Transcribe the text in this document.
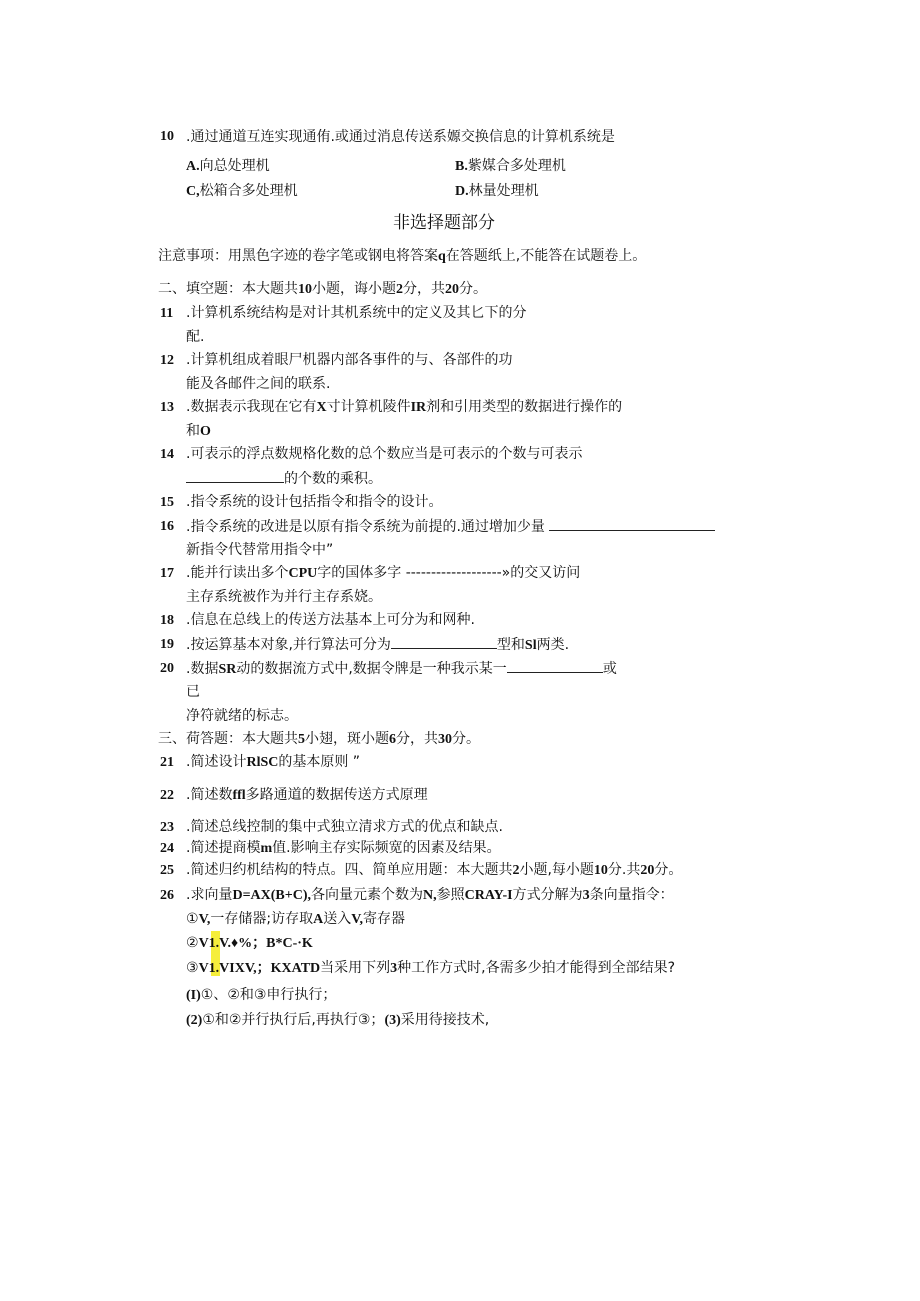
10 .通过通道互连实现通侑.或通过消息传送系嫄交换信息的计算机系统是
A.向总处理机	B.紫媒合多处理机
C,松箱合多处理机	D.林量处理机
非选择题部分
注意事项：用黑色字迹的卷字笔或钢电将答案q在答题纸上,不能答在试题卷上。
二、填空题：本大题共10小题，诲小题2分，共20分。
11 .计算机系统结构是对计其机系统中的定义及其匕下的分
配.
12 .计算机组成着眼尸机器内部各事件的与、各部件的功
能及各邮件之间的联系.
13 .数据表示我现在它有X寸计算机陵件IR剂和引用类型的数据进行操作的
和O
14 .可表示的浮点数规格化数的总个数应当是可表示的个数与可表示
的个数的乘积。
15 .指令系统的设计包括指令和指令的设计。
16 .指令系统的改进是以原有指令系统为前提的.通过增加少量
新指令代替常用指令中”
17 .能并行读出多个CPU字的国体多字 -------------------»的交又访问
主存系统被作为并行主存系娆。
18 .信息在总线上的传送方法基本上可分为和网种.
19 .按运算基本对象,并行算法可分为	型和Sl两类.
20 .数据SR动的数据流方式中,数据令牌是一种我示某一	或
已
净符就绪的标志。
三、荷答题：本大题共5小翅，斑小题6分，共30分。
21 .简述设计RlSC的基本原则 ”
22 .简述数ffl多路通道的数据传送方式原理
23 .简述总线控制的集中式独立清求方式的优点和缺点.
24 .简述提商模m值.影响主存实际频宽的因素及结果。
25 .简述归约机结构的特点。四、简单应用题：本大题共2小题,每小题10分.共20分。
26 .求向量D=AX(B+C),各向量元素个数为N,参照CRAY-I方式分解为3条向量指令：
①V,一存储器;访存取A送入V,寄存器
②V1.V.♦%；B*C-·K
③V1.VIXV,；KXATD当采用下列3种工作方式时,各需多少拍才能得到全部结果?
(I)①、②和③申行执行；
(2)①和②并行执行后,再执行③；(3)采用待接技术,
